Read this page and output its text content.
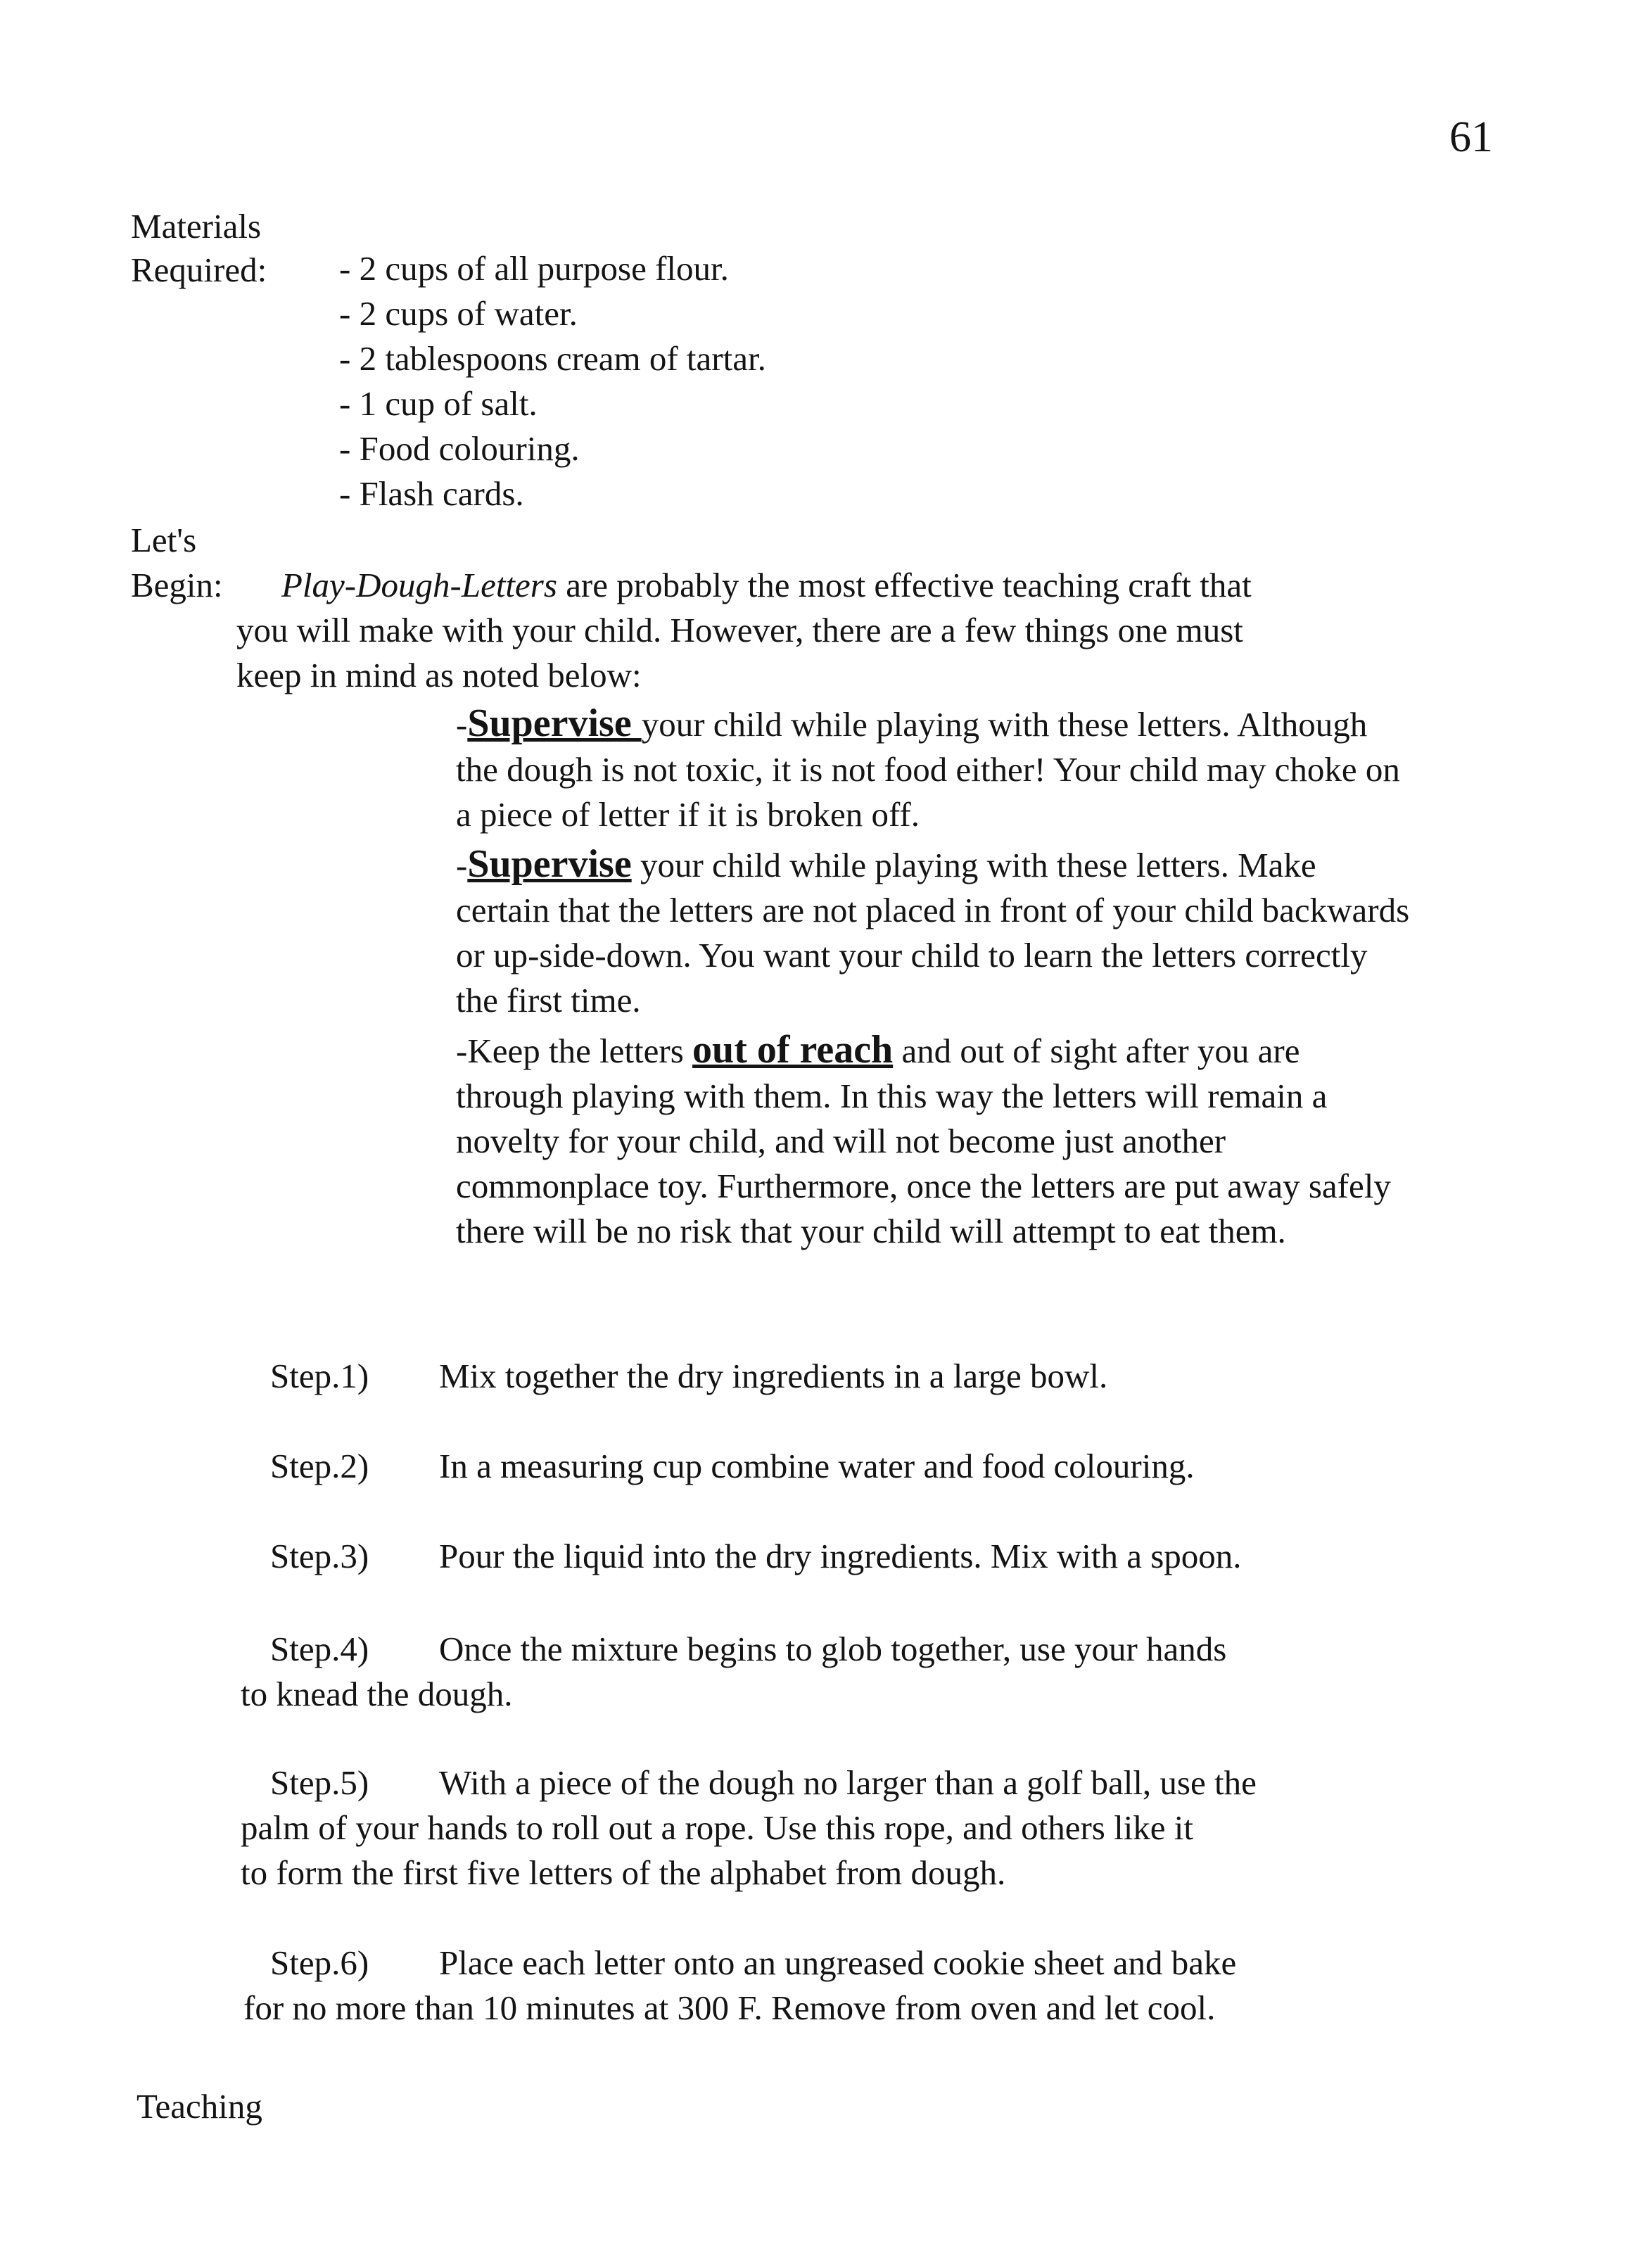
61
Materials
Required: - 2 cups of all purpose flour.
- 2 cups of water.
- 2 tablespoons cream of tartar.
- 1 cup of salt.
- Food colouring.
- Flash cards.
Let's
Begin: Play-Dough-Letters are probably the most effective teaching craft that
you will make with your child. However, there are a few things one must
keep in mind as noted below:
-Supervise your child while playing with these letters. Although the dough is not toxic, it is not food either! Your child may choke on a piece of letter if it is broken off.
-Supervise your child while playing with these letters. Make certain that the letters are not placed in front of your child backwards or up-side-down. You want your child to learn the letters correctly the first time.
-Keep the letters out of reach and out of sight after you are through playing with them. In this way the letters will remain a novelty for your child, and will not become just another commonplace toy. Furthermore, once the letters are put away safely there will be no risk that your child will attempt to eat them.
Step.1) Mix together the dry ingredients in a large bowl.
Step.2) In a measuring cup combine water and food colouring.
Step.3) Pour the liquid into the dry ingredients. Mix with a spoon.
Step.4) Once the mixture begins to glob together, use your hands
to knead the dough.
Step.5) With a piece of the dough no larger than a golf ball, use the
palm of your hands to roll out a rope. Use this rope, and others like it
to form the first five letters of the alphabet from dough.
Step.6) Place each letter onto an ungreased cookie sheet and bake
for no more than 10 minutes at 300 F. Remove from oven and let cool.
Teaching
